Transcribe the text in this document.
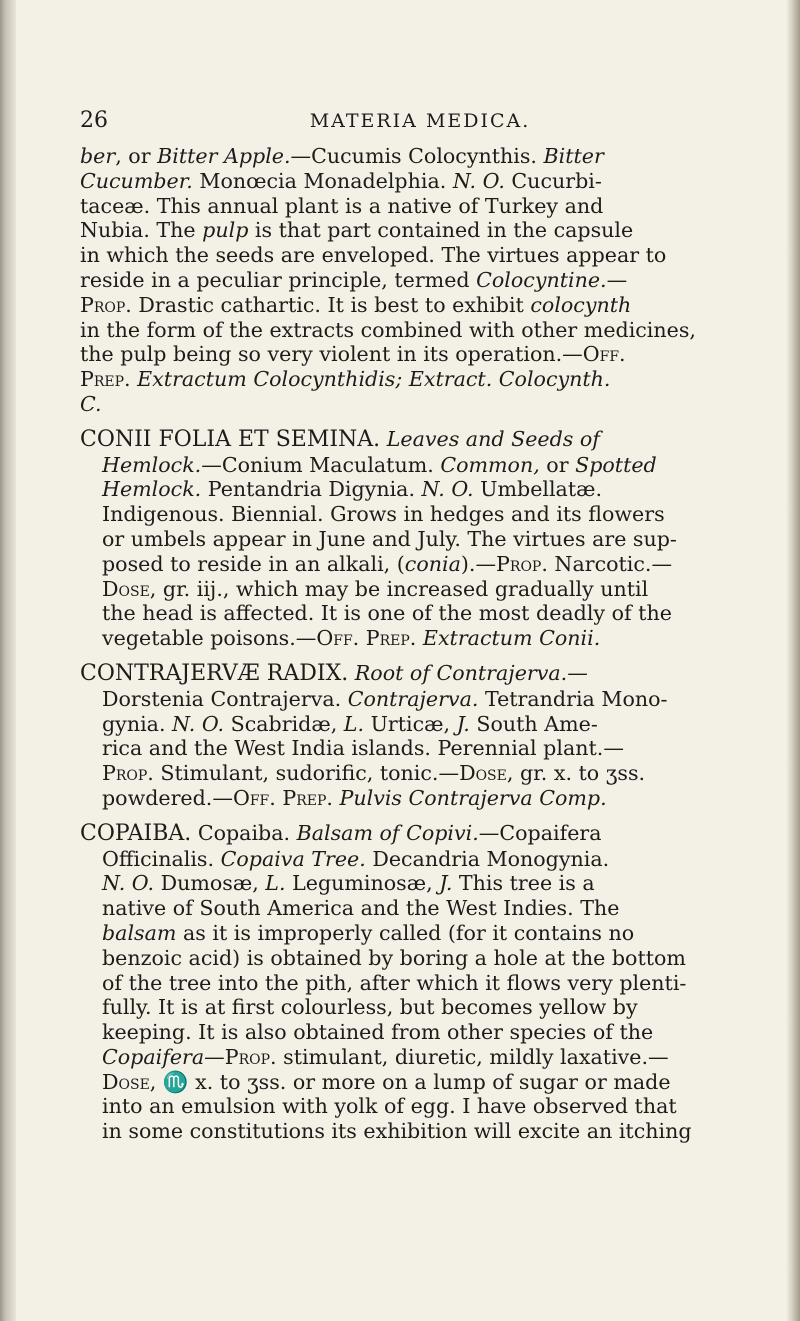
26	MATERIA MEDICA.
ber, or Bitter Apple.—Cucumis Colocynthis. Bitter
Cucumber. Monœcia Monadelphia. N. O. Cucurbi-
taceæ. This annual plant is a native of Turkey and
Nubia. The pulp is that part contained in the capsule
in which the seeds are enveloped. The virtues appear to
reside in a peculiar principle, termed Colocyntine.—
Prop. Drastic cathartic. It is best to exhibit colocynth
in the form of the extracts combined with other medicines,
the pulp being so very violent in its operation.—Off.
Prep. Extractum Colocynthidis; Extract. Colocynth.
C.
CONII FOLIA ET SEMINA. Leaves and Seeds of
Hemlock.—Conium Maculatum. Common, or Spotted
Hemlock. Pentandria Digynia. N. O. Umbellatæ.
Indigenous. Biennial. Grows in hedges and its flowers
or umbels appear in June and July. The virtues are sup-
posed to reside in an alkali, (conia).—Prop. Narcotic.—
Dose, gr. iij., which may be increased gradually until
the head is affected. It is one of the most deadly of the
vegetable poisons.—Off. Prep. Extractum Conii.
CONTRAJERVÆ RADIX. Root of Contrajerva.—
Dorstenia Contrajerva. Contrajerva. Tetrandria Mono-
gynia. N. O. Scabridæ, L. Urticæ, J. South Ame-
rica and the West India islands. Perennial plant.—
Prop. Stimulant, sudorific, tonic.—Dose, gr. x. to ʒss.
powdered.—Off. Prep. Pulvis Contrajerva Comp.
COPAIBA. Copaiba. Balsam of Copivi.—Copaifera
Officinalis. Copaiva Tree. Decandria Monogynia.
N. O. Dumosæ, L. Leguminosæ, J. This tree is a
native of South America and the West Indies. The
balsam as it is improperly called (for it contains no
benzoic acid) is obtained by boring a hole at the bottom
of the tree into the pith, after which it flows very plenti-
fully. It is at first colourless, but becomes yellow by
keeping. It is also obtained from other species of the
Copaifera—Prop. stimulant, diuretic, mildly laxative.—
Dose, ♏ x. to ʒss. or more on a lump of sugar or made
into an emulsion with yolk of egg. I have observed that
in some constitutions its exhibition will excite an itching
